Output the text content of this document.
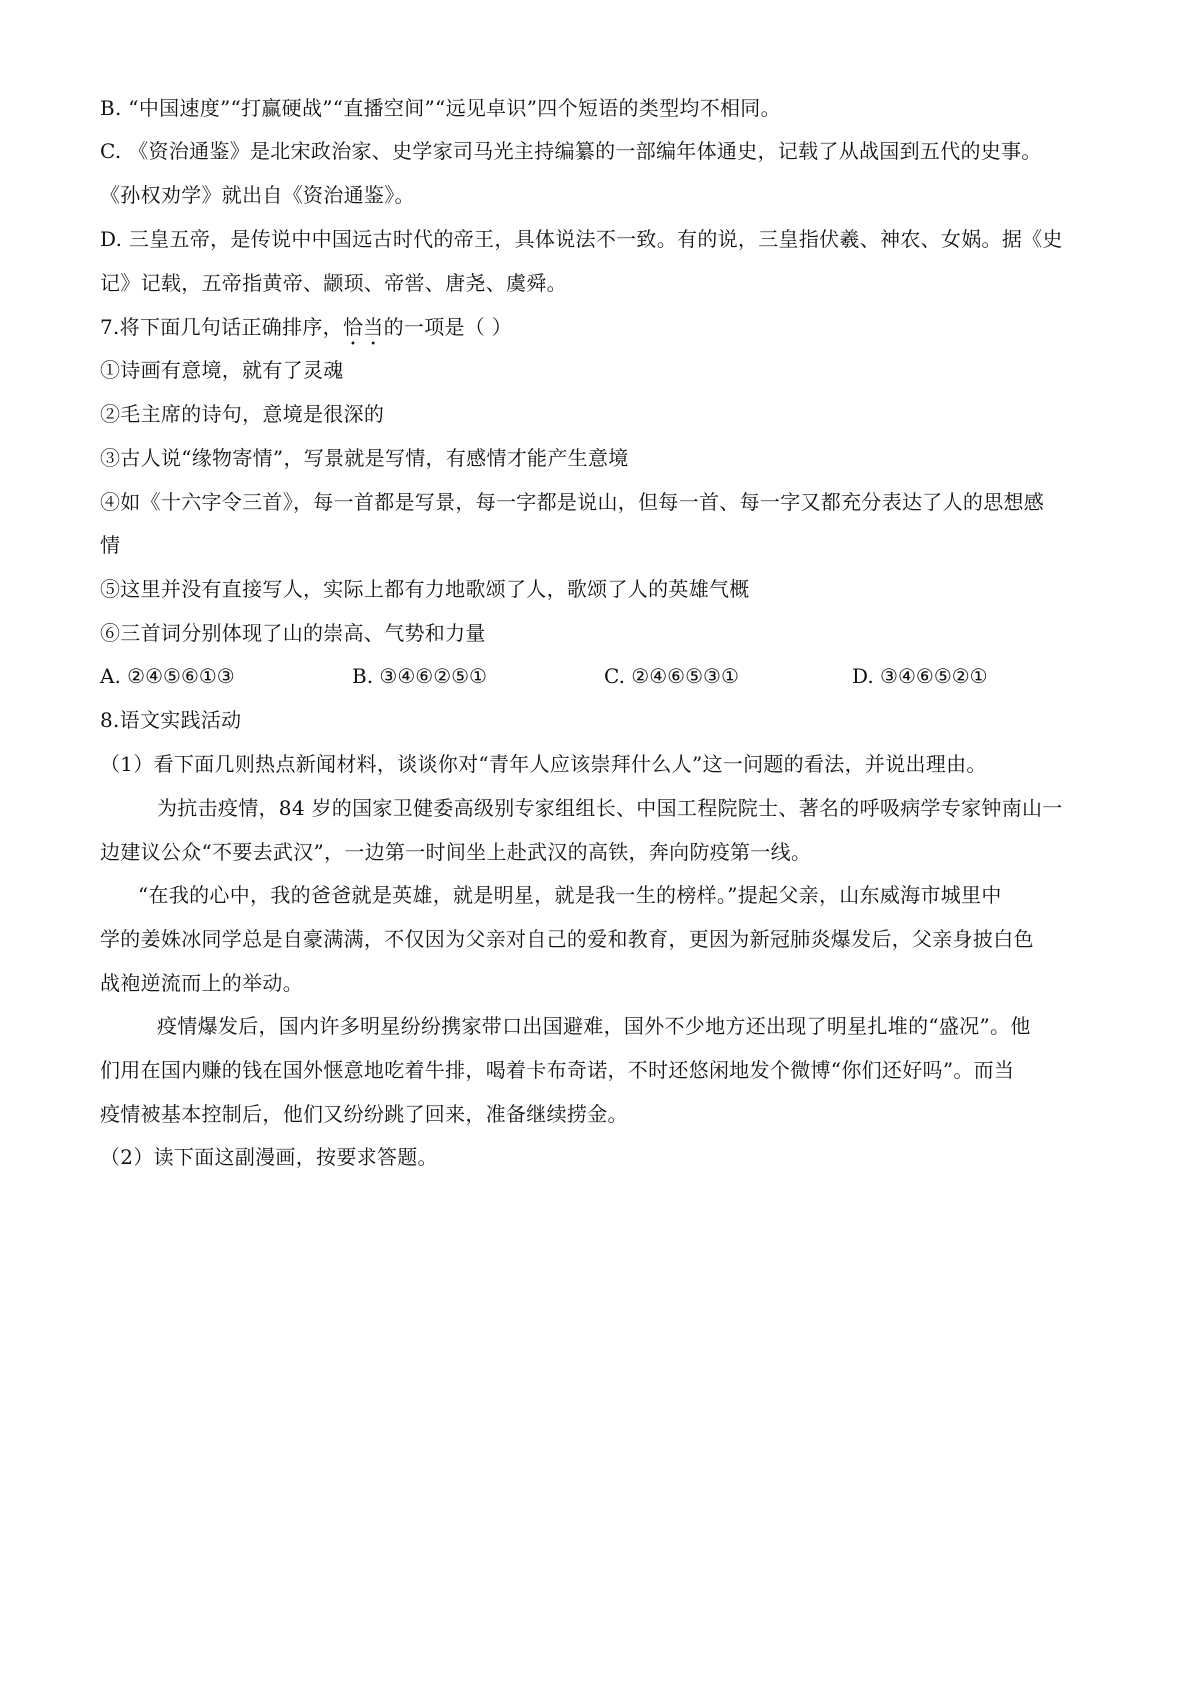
B. “中国速度”“打赢硬战”“直播空间”“远见卓识”四个短语的类型均不相同。
C. 《资治通鉴》是北宋政治家、史学家司马光主持编纂的一部编年体通史，记载了从战国到五代的史事。
《孙权劝学》就出自《资治通鉴》。
D. 三皇五帝，是传说中中国远古时代的帝王，具体说法不一致。有的说，三皇指伏羲、神农、女娲。据《史
记》记载，五帝指黄帝、颛顼、帝喾、唐尧、虞舜。
7.将下面几句话正确排序，恰当的一项是（ ）
①诗画有意境，就有了灵魂
②毛主席的诗句，意境是很深的
③古人说“缘物寄情”，写景就是写情，有感情才能产生意境
④如《十六字令三首》，每一首都是写景，每一字都是说山，但每一首、每一字又都充分表达了人的思想感
情
⑤这里并没有直接写人，实际上都有力地歌颂了人，歌颂了人的英雄气概
⑥三首词分别体现了山的崇高、气势和力量
A. ②④⑤⑥①③	B. ③④⑥②⑤①	C. ②④⑥⑤③①	D. ③④⑥⑤②①
8.语文实践活动
（1）看下面几则热点新闻材料，谈谈你对“青年人应该崇拜什么人”这一问题的看法，并说出理由。
为抗击疫情，84 岁的国家卫健委高级别专家组组长、中国工程院院士、著名的呼吸病学专家钟南山一
边建议公众“不要去武汉”，一边第一时间坐上赴武汉的高铁，奔向防疫第一线。
“在我的心中，我的爸爸就是英雄，就是明星，就是我一生的榜样。”提起父亲，山东威海市城里中
学的姜姝冰同学总是自豪满满，不仅因为父亲对自己的爱和教育，更因为新冠肺炎爆发后，父亲身披白色
战袍逆流而上的举动。
疫情爆发后，国内许多明星纷纷携家带口出国避难，国外不少地方还出现了明星扎堆的“盛况”。他
们用在国内赚的钱在国外惬意地吃着牛排，喝着卡布奇诺，不时还悠闲地发个微博“你们还好吗”。而当
疫情被基本控制后，他们又纷纷跳了回来，准备继续捞金。
（2）读下面这副漫画，按要求答题。
